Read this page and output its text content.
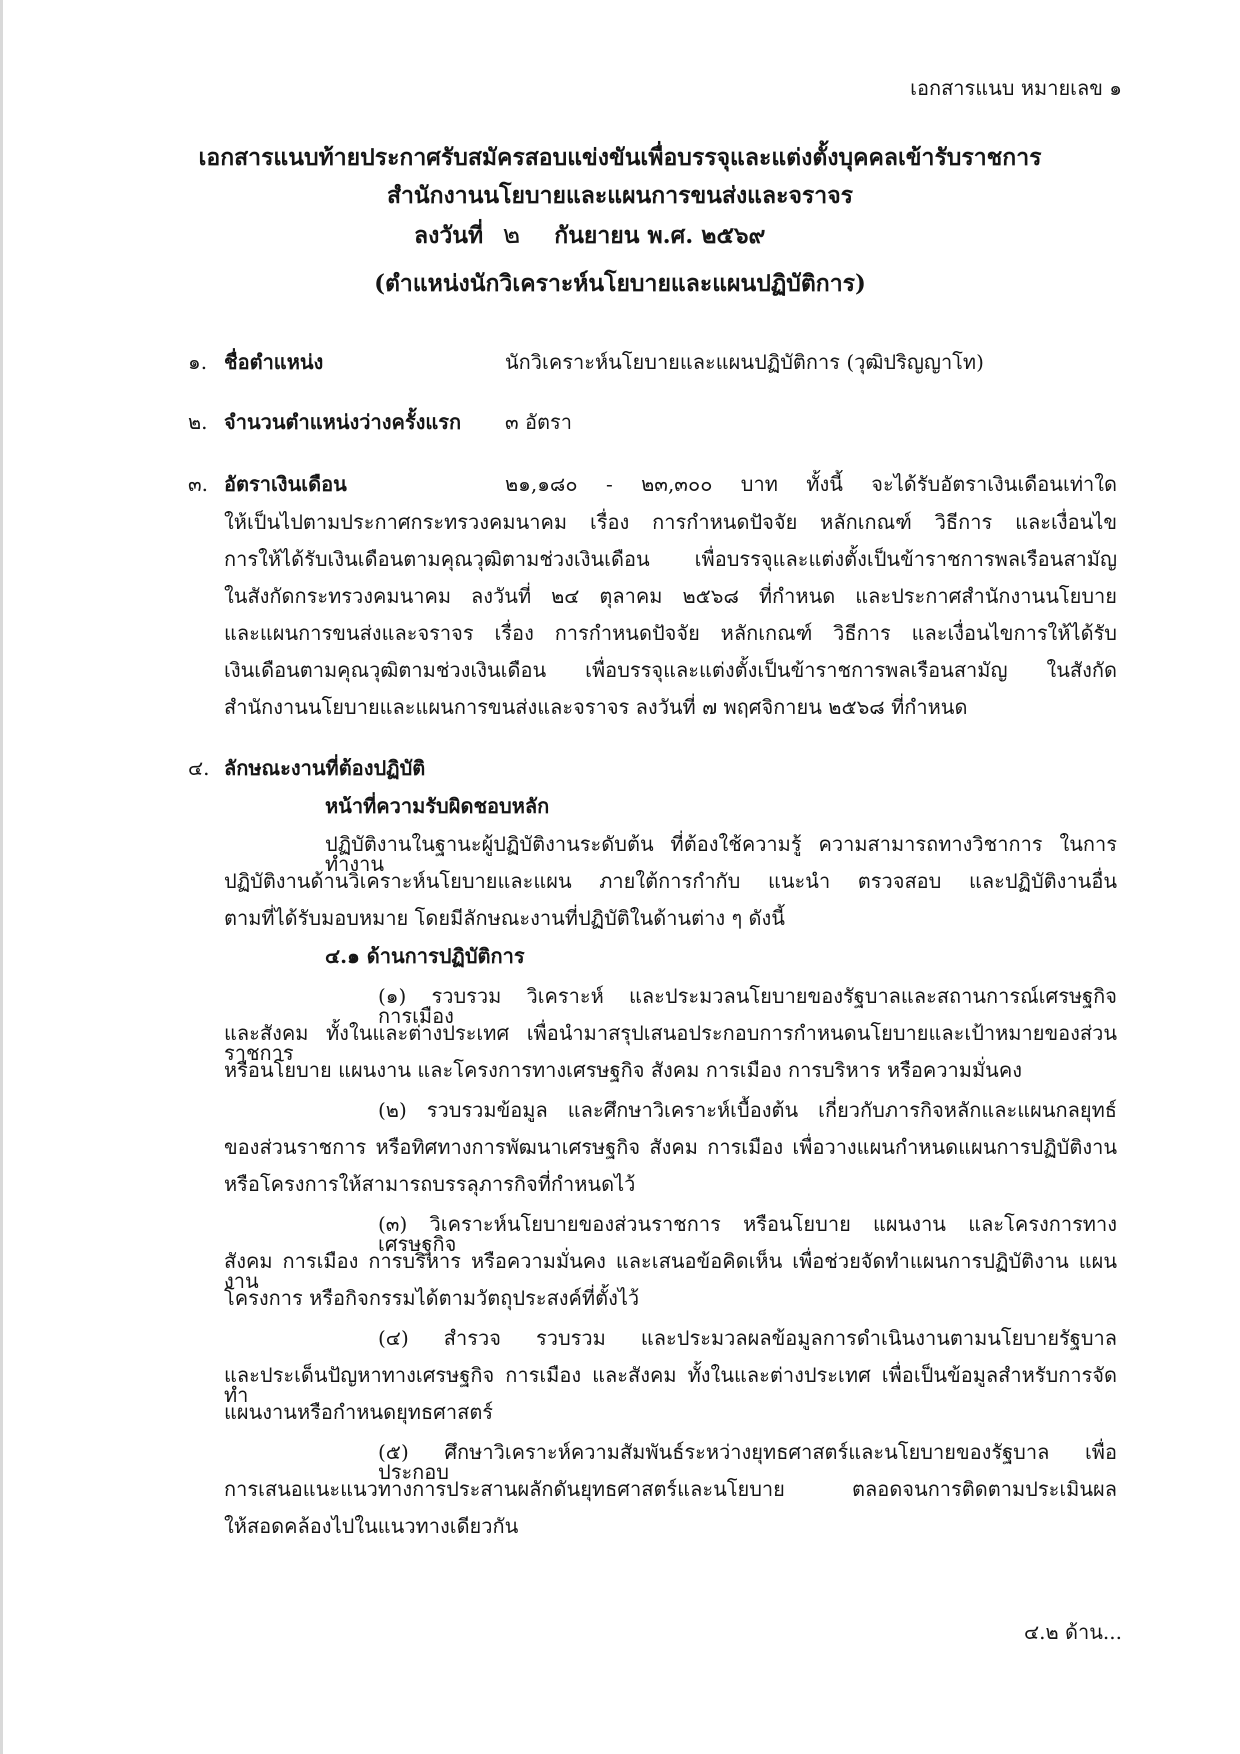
เอกสารแนบ หมายเลข ๑
เอกสารแนบท้ายประกาศรับสมัครสอบแข่งขันเพื่อบรรจุและแต่งตั้งบุคคลเข้ารับราชการ
สำนักงานนโยบายและแผนการขนส่งและจราจร
ลงวันที่ ๒ กันยายน พ.ศ. ๒๕๖๙
(ตำแหน่งนักวิเคราะห์นโยบายและแผนปฏิบัติการ)
๑. ชื่อตำแหน่ง	นักวิเคราะห์นโยบายและแผนปฏิบัติการ (วุฒิปริญญาโท)
๒. จำนวนตำแหน่งว่างครั้งแรก ๓ อัตรา
๓. อัตราเงินเดือน	๒๑,๑๘๐ - ๒๓,๓๐๐ บาท ทั้งนี้ จะได้รับอัตราเงินเดือนเท่าใด
ให้เป็นไปตามประกาศกระทรวงคมนาคม เรื่อง การกำหนดปัจจัย หลักเกณฑ์ วิธีการ และเงื่อนไข
การให้ได้รับเงินเดือนตามคุณวุฒิตามช่วงเงินเดือน เพื่อบรรจุและแต่งตั้งเป็นข้าราชการพลเรือนสามัญ
ในสังกัดกระทรวงคมนาคม ลงวันที่ ๒๔ ตุลาคม ๒๕๖๘ ที่กำหนด และประกาศสำนักงานนโยบาย
และแผนการขนส่งและจราจร เรื่อง การกำหนดปัจจัย หลักเกณฑ์ วิธีการ และเงื่อนไขการให้ได้รับ
เงินเดือนตามคุณวุฒิตามช่วงเงินเดือน เพื่อบรรจุและแต่งตั้งเป็นข้าราชการพลเรือนสามัญ ในสังกัด
สำนักงานนโยบายและแผนการขนส่งและจราจร ลงวันที่ ๗ พฤศจิกายน ๒๕๖๘ ที่กำหนด
๔. ลักษณะงานที่ต้องปฏิบัติ
หน้าที่ความรับผิดชอบหลัก
ปฏิบัติงานในฐานะผู้ปฏิบัติงานระดับต้น ที่ต้องใช้ความรู้ ความสามารถทางวิชาการ ในการทำงาน
ปฏิบัติงานด้านวิเคราะห์นโยบายและแผน ภายใต้การกำกับ แนะนำ ตรวจสอบ และปฏิบัติงานอื่น
ตามที่ได้รับมอบหมาย โดยมีลักษณะงานที่ปฏิบัติในด้านต่าง ๆ ดังนี้
๔.๑ ด้านการปฏิบัติการ
(๑) รวบรวม วิเคราะห์ และประมวลนโยบายของรัฐบาลและสถานการณ์เศรษฐกิจการเมือง
และสังคม ทั้งในและต่างประเทศ เพื่อนำมาสรุปเสนอประกอบการกำหนดนโยบายและเป้าหมายของส่วนราชการ
หรือนโยบาย แผนงาน และโครงการทางเศรษฐกิจ สังคม การเมือง การบริหาร หรือความมั่นคง
(๒) รวบรวมข้อมูล และศึกษาวิเคราะห์เบื้องต้น เกี่ยวกับภารกิจหลักและแผนกลยุทธ์
ของส่วนราชการ หรือทิศทางการพัฒนาเศรษฐกิจ สังคม การเมือง เพื่อวางแผนกำหนดแผนการปฏิบัติงาน
หรือโครงการให้สามารถบรรลุภารกิจที่กำหนดไว้
(๓) วิเคราะห์นโยบายของส่วนราชการ หรือนโยบาย แผนงาน และโครงการทางเศรษฐกิจ
สังคม การเมือง การบริหาร หรือความมั่นคง และเสนอข้อคิดเห็น เพื่อช่วยจัดทำแผนการปฏิบัติงาน แผนงาน
โครงการ หรือกิจกรรมได้ตามวัตถุประสงค์ที่ตั้งไว้
(๔) สำรวจ รวบรวม และประมวลผลข้อมูลการดำเนินงานตามนโยบายรัฐบาล
และประเด็นปัญหาทางเศรษฐกิจ การเมือง และสังคม ทั้งในและต่างประเทศ เพื่อเป็นข้อมูลสำหรับการจัดทำ
แผนงานหรือกำหนดยุทธศาสตร์
(๕) ศึกษาวิเคราะห์ความสัมพันธ์ระหว่างยุทธศาสตร์และนโยบายของรัฐบาล เพื่อประกอบ
การเสนอแนะแนวทางการประสานผลักดันยุทธศาสตร์และนโยบาย ตลอดจนการติดตามประเมินผล
ให้สอดคล้องไปในแนวทางเดียวกัน
๔.๒ ด้าน...
